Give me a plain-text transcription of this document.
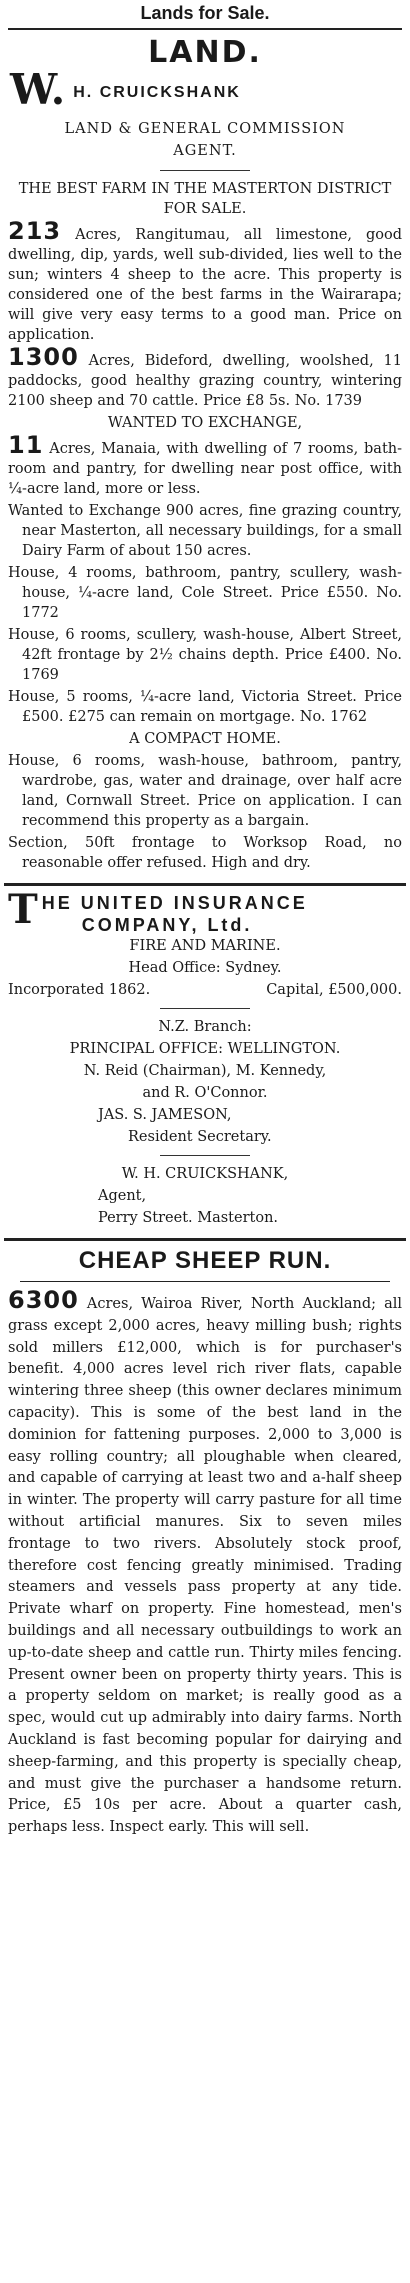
Lands for Sale.
LAND.
W. H. CRUICKSHANK
LAND & GENERAL COMMISSION
AGENT.

THE BEST FARM IN THE MASTERTON DISTRICT FOR SALE.

213 Acres, Rangitumau, all limestone, good dwelling, dip, yards, well sub-divided, lies well to the sun; winters 4 sheep to the acre. This property is considered one of the best farms in the Wairarapa; will give very easy terms to a good man. Price on application.

1300 Acres, Bideford, dwelling, woolshed, 11 paddocks, good healthy grazing country, wintering 2100 sheep and 70 cattle. Price £8 5s. No. 1739

WANTED TO EXCHANGE,

11 Acres, Manaia, with dwelling of 7 rooms, bath-room and pantry, for dwelling near post office, with ¼-acre land, more or less.

Wanted to Exchange 900 acres, fine grazing country, near Masterton, all necessary buildings, for a small Dairy Farm of about 150 acres.

House, 4 rooms, bathroom, pantry, scullery, wash-house, ¼-acre land, Cole Street. Price £550. No. 1772

House, 6 rooms, scullery, wash-house, Albert Street, 42ft frontage by 2½ chains depth. Price £400. No. 1769

House, 5 rooms, ¼-acre land, Victoria Street. Price £500. £275 can remain on mortgage. No. 1762

A COMPACT HOME.

House, 6 rooms, wash-house, bathroom, pantry, wardrobe, gas, water and drainage, over half acre land, Cornwall Street. Price on application. I can recommend this property as a bargain.

Section, 50ft frontage to Worksop Road, no reasonable offer refused. High and dry.

T HE UNITED INSURANCE
COMPANY, Ltd.

FIRE AND MARINE.

Head Office: Sydney.

Incorporated 1862.	Capital, £500,000.

N.Z. Branch:

PRINCIPAL OFFICE: WELLINGTON.

N. Reid (Chairman), M. Kennedy,

and R. O'Connor.

JAS. S. JAMESON,

Resident Secretary.

W. H. CRUICKSHANK,

Agent,

Perry Street. Masterton.

CHEAP SHEEP RUN.

6300 Acres, Wairoa River, North Auckland; all grass except 2,000 acres, heavy milling bush; rights sold millers £12,000, which is for purchaser's benefit. 4,000 acres level rich river flats, capable wintering three sheep (this owner declares minimum capacity). This is some of the best land in the dominion for fattening purposes. 2,000 to 3,000 is easy rolling country; all ploughable when cleared, and capable of carrying at least two and a-half sheep in winter. The property will carry pasture for all time without artificial manures. Six to seven miles frontage to two rivers. Absolutely stock proof, therefore cost fencing greatly minimised. Trading steamers and vessels pass property at any tide. Private wharf on property. Fine homestead, men's buildings and all necessary outbuildings to work an up-to-date sheep and cattle run. Thirty miles fencing. Present owner been on property thirty years. This is a property seldom on market; is really good as a spec, would cut up admirably into dairy farms. North Auckland is fast becoming popular for dairying and sheep-farming, and this property is specially cheap, and must give the purchaser a handsome return. Price, £5 10s per acre. About a quarter cash, perhaps less. Inspect early. This will sell.
